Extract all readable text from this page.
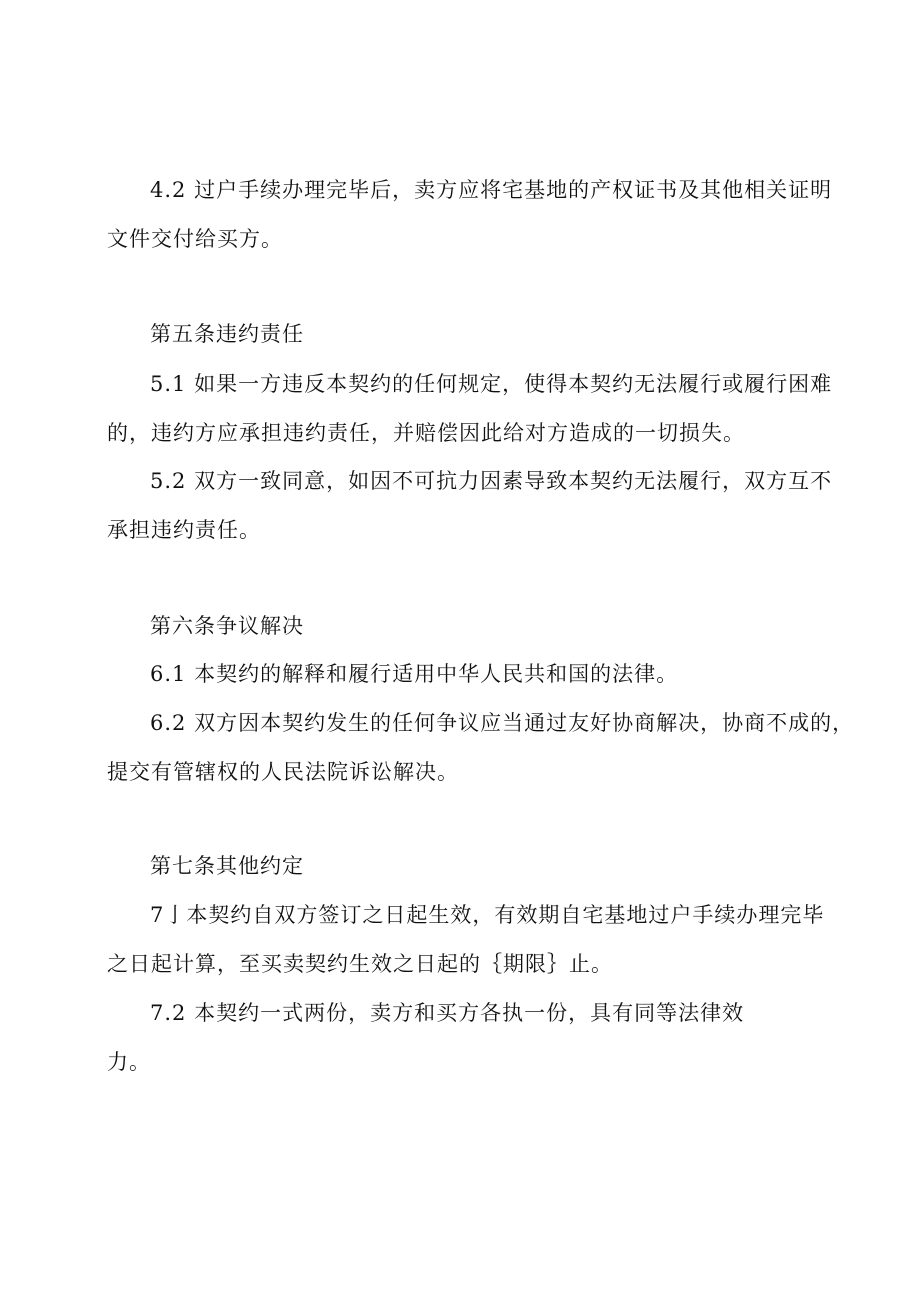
4.2 过户手续办理完毕后，卖方应将宅基地的产权证书及其他相关证明
文件交付给买方。
第五条违约责任
5.1 如果一方违反本契约的任何规定，使得本契约无法履行或履行困难
的，违约方应承担违约责任，并赔偿因此给对方造成的一切损失。
5.2 双方一致同意，如因不可抗力因素导致本契约无法履行，双方互不
承担违约责任。
第六条争议解决
6.1 本契约的解释和履行适用中华人民共和国的法律。
6.2 双方因本契约发生的任何争议应当通过友好协商解决，协商不成的，
提交有管辖权的人民法院诉讼解决。
第七条其他约定
7亅本契约自双方签订之日起生效，有效期自宅基地过户手续办理完毕
之日起计算，至买卖契约生效之日起的｛期限｝止。
7.2 本契约一式两份，卖方和买方各执一份，具有同等法律效
力。
